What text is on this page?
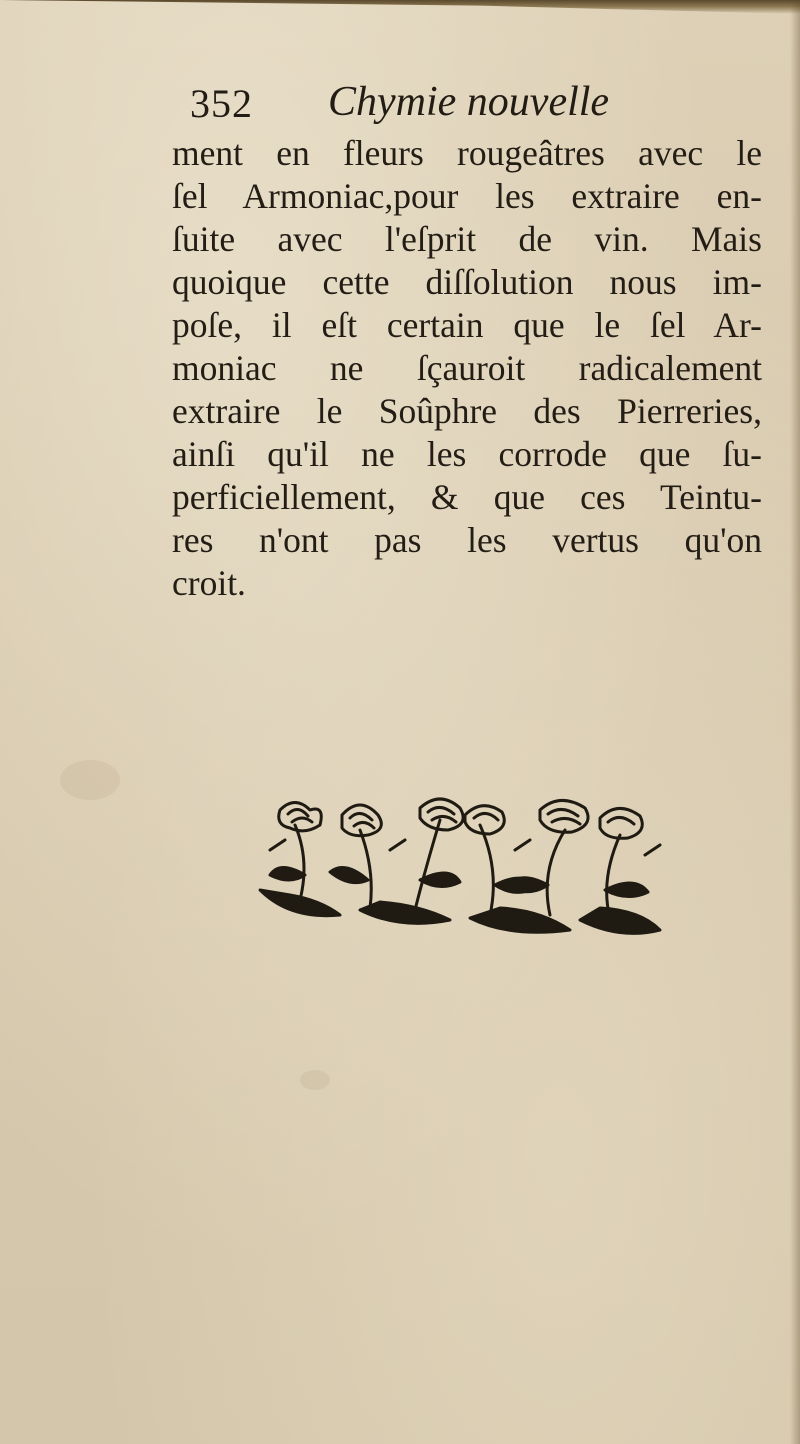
352 Chymie nouvelle
ment en fleurs rougeâtres avec le
ſel Armoniac,pour les extraire en-
ſuite avec l'eſprit de vin. Mais
quoique cette diſſolution nous im-
poſe, il eſt certain que le ſel Ar-
moniac ne ſçauroit radicalement
extraire le Soûphre des Pierreries,
ainſi qu'il ne les corrode que ſu-
perficiellement, & que ces Teintu-
res n'ont pas les vertus qu'on
croit.
